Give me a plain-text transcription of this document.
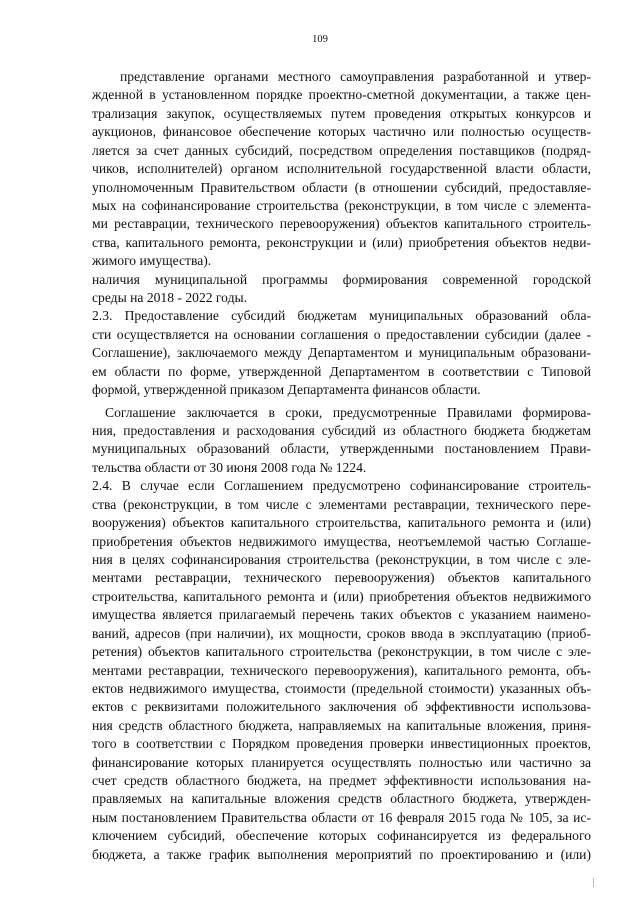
109
представление органами местного самоуправления разработанной и утвер-
жденной в установленном порядке проектно-сметной документации, а также цен-
трализация закупок, осуществляемых путем проведения открытых конкурсов и
аукционов, финансовое обеспечение которых частично или полностью осуществ-
ляется за счет данных субсидий, посредством определения поставщиков (подряд-
чиков, исполнителей) органом исполнительной государственной власти области,
уполномоченным Правительством области (в отношении субсидий, предоставляе-
мых на софинансирование строительства (реконструкции, в том числе с элемента-
ми реставрации, технического перевооружения) объектов капитального строитель-
ства, капитального ремонта, реконструкции и (или) приобретения объектов недви-
жимого имущества).
наличия муниципальной программы формирования современной городской
среды на 2018 - 2022 годы.
2.3. Предоставление субсидий бюджетам муниципальных образований обла-
сти осуществляется на основании соглашения о предоставлении субсидии (далее -
Соглашение), заключаемого между Департаментом и муниципальным образовани-
ем области по форме, утвержденной Департаментом в соответствии с Типовой
формой, утвержденной приказом Департамента финансов области.
Соглашение заключается в сроки, предусмотренные Правилами формирова-
ния, предоставления и расходования субсидий из областного бюджета бюджетам
муниципальных образований области, утвержденными постановлением Прави-
тельства области от 30 июня 2008 года № 1224.
2.4. В случае если Соглашением предусмотрено софинансирование строитель-
ства (реконструкции, в том числе с элементами реставрации, технического пере-
вооружения) объектов капитального строительства, капитального ремонта и (или)
приобретения объектов недвижимого имущества, неотъемлемой частью Соглаше-
ния в целях софинансирования строительства (реконструкции, в том числе с эле-
ментами реставрации, технического перевооружения) объектов капитального
строительства, капитального ремонта и (или) приобретения объектов недвижимого
имущества является прилагаемый перечень таких объектов с указанием наимено-
ваний, адресов (при наличии), их мощности, сроков ввода в эксплуатацию (приоб-
ретения) объектов капитального строительства (реконструкции, в том числе с эле-
ментами реставрации, технического перевооружения), капитального ремонта, объ-
ектов недвижимого имущества, стоимости (предельной стоимости) указанных объ-
ектов с реквизитами положительного заключения об эффективности использова-
ния средств областного бюджета, направляемых на капитальные вложения, приня-
того в соответствии с Порядком проведения проверки инвестиционных проектов,
финансирование которых планируется осуществлять полностью или частично за
счет средств областного бюджета, на предмет эффективности использования на-
правляемых на капитальные вложения средств областного бюджета, утвержден-
ным постановлением Правительства области от 16 февраля 2015 года № 105, за ис-
ключением субсидий, обеспечение которых софинансируется из федерального
бюджета, а также график выполнения мероприятий по проектированию и (или)
